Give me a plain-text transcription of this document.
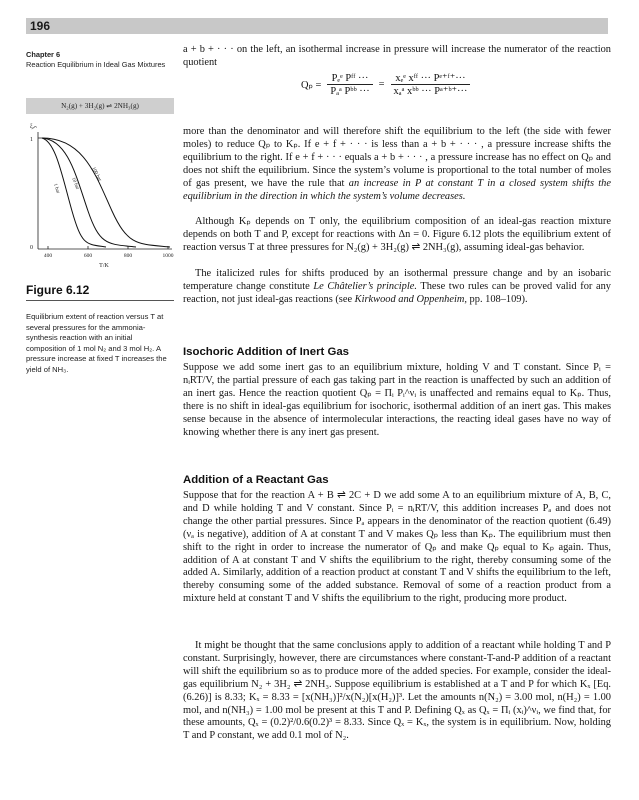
196
Chapter 6
Reaction Equilibrium in Ideal Gas Mixtures
N₂(g) + 3H₂(g) ⇌ 2NH₃(g)
ξₑₙ
1
0
400	600	800	1000
T/K
1 bar 10 bar
100 bar
Figure 6.12
Equilibrium extent of reaction versus T at several pressures for the ammonia-synthesis reaction with an initial composition of 1 mol N₂ and 3 mol H₂. A pressure increase at fixed T increases the yield of NH₃.
a + b + · · · on the left, an isothermal increase in pressure will increase the numerator of the reaction quotient
Qₚ =	Pₑᵉ Pᶠᶠ ···	=	xₑᵉ xᶠᶠ ··· Pᵉ⁺ᶠ⁺···
	Pₐᵃ Pᵇᵇ ···		xₐᵃ xᵇᵇ ··· Pᵃ⁺ᵇ⁺···
more than the denominator and will therefore shift the equilibrium to the left (the side with fewer moles) to reduce Qₚ to Kₚ. If e + f + · · · is less than a + b + · · · , a pressure increase shifts the equilibrium to the right. If e + f + · · · equals a + b + · · · , a pressure increase has no effect on Qₚ and does not shift the equilibrium. Since the system’s volume is proportional to the total number of moles of gas present, we have the rule that an increase in P at constant T in a closed system shifts the equilibrium in the direction in which the system’s volume decreases.
Although Kₚ depends on T only, the equilibrium composition of an ideal-gas reaction mixture depends on both T and P, except for reactions with Δn = 0. Figure 6.12 plots the equilibrium extent of reaction versus T at three pressures for N₂(g) + 3H₂(g) ⇌ 2NH₃(g), assuming ideal-gas behavior.
The italicized rules for shifts produced by an isothermal pressure change and by an isobaric temperature change constitute Le Châtelier’s principle. These two rules can be proved valid for any reaction, not just ideal-gas reactions (see Kirkwood and Oppenheim, pp. 108–109).
Isochoric Addition of Inert Gas
Suppose we add some inert gas to an equilibrium mixture, holding V and T constant. Since Pᵢ = nᵢRT/V, the partial pressure of each gas taking part in the reaction is unaffected by such an addition of an inert gas. Hence the reaction quotient Qₚ = Πᵢ Pᵢ^νᵢ is unaffected and remains equal to Kₚ. Thus, there is no shift in ideal-gas equilibrium for isochoric, isothermal addition of an inert gas. This makes sense because in the absence of intermolecular interactions, the reacting ideal gases have no way of knowing whether there is any inert gas present.
Addition of a Reactant Gas
Suppose that for the reaction A + B ⇌ 2C + D we add some A to an equilibrium mixture of A, B, C, and D while holding T and V constant. Since Pᵢ = nᵢRT/V, this addition increases Pₐ and does not change the other partial pressures. Since Pₐ appears in the denominator of the reaction quotient (6.49) (νₐ is negative), addition of A at constant T and V makes Qₚ less than Kₚ. The equilibrium must then shift to the right in order to increase the numerator of Qₚ and make Qₚ equal to Kₚ again. Thus, addition of A at constant T and V shifts the equilibrium to the right, thereby consuming some of the added A. Similarly, addition of a reaction product at constant T and V shifts the equilibrium to the left, thereby consuming some of the added substance. Removal of some of a reaction product from a mixture held at constant T and V shifts the equilibrium to the right, producing more product.
It might be thought that the same conclusions apply to addition of a reactant while holding T and P constant. Surprisingly, however, there are circumstances where constant-T-and-P addition of a reactant will shift the equilibrium so as to produce more of the added species. For example, consider the ideal-gas equilibrium N₂ + 3H₂ ⇌ 2NH₃. Suppose equilibrium is established at a T and P for which Kₓ [Eq. (6.26)] is 8.33; Kₓ = 8.33 = [x(NH₃)]²/x(N₂)[x(H₂)]³. Let the amounts n(N₂) = 3.00 mol, n(H₂) = 1.00 mol, and n(NH₃) = 1.00 mol be present at this T and P. Defining Qₓ as Qₓ = Πᵢ (xᵢ)^νᵢ, we find that, for these amounts, Qₓ = (0.2)²/0.6(0.2)³ = 8.33. Since Qₓ = Kₓ, the system is in equilibrium. Now, holding T and P constant, we add 0.1 mol of N₂.
